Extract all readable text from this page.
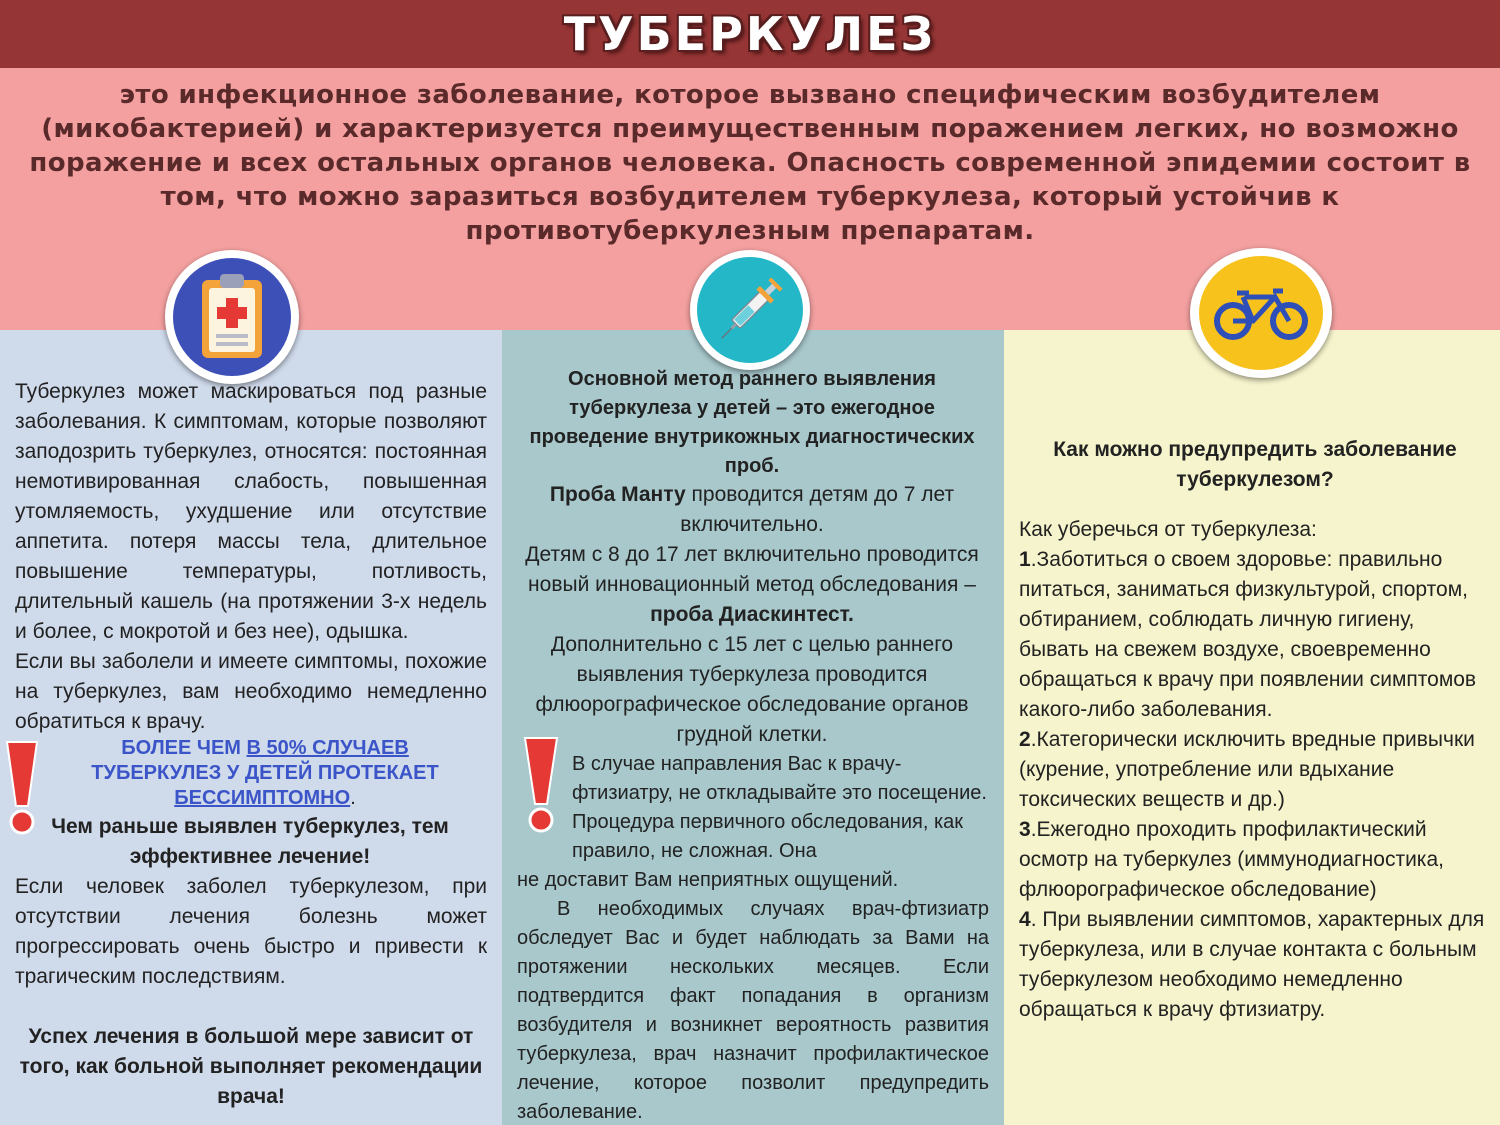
ТУБЕРКУЛЕЗ
это инфекционное заболевание, которое вызвано специфическим возбудителем (микобактерией) и характеризуется преимущественным поражением легких, но возможно поражение и всех остальных органов человека. Опасность современной эпидемии состоит в том, что можно заразиться возбудителем туберкулеза, который устойчив к противотуберкулезным препаратам.
Туберкулез может маскироваться под разные заболевания. К симптомам, которые позволяют заподозрить туберкулез, относятся: постоянная немотивированная слабость, повышенная утомляемость, ухудшение или отсутствие аппетита. потеря массы тела, длительное повышение температуры, потливость, длительный кашель (на протяжении 3-х недель и более, с мокротой и без нее), одышка.
Если вы заболели и имеете симптомы, похожие на туберкулез, вам необходимо немедленно обратиться к врачу.
БОЛЕЕ ЧЕМ В 50% СЛУЧАЕВ
ТУБЕРКУЛЕЗ У ДЕТЕЙ ПРОТЕКАЕТ
БЕССИМПТОМНО.
Чем раньше выявлен туберкулез, тем эффективнее лечение!
Если человек заболел туберкулезом, при отсутствии лечения болезнь может прогрессировать очень быстро и привести к трагическим последствиям.
Успех лечения в большой мере зависит от того, как больной выполняет рекомендации врача!
Основной метод раннего выявления туберкулеза у детей – это ежегодное проведение внутрикожных диагностических проб.
Проба Манту проводится детям до 7 лет включительно.
Детям с 8 до 17 лет включительно проводится новый инновационный метод обследования –
проба Диаскинтест.
Дополнительно с 15 лет с целью раннего выявления туберкулеза проводится флюорографическое обследование органов грудной клетки.
В случае направления Вас к врачу-фтизиатру, не откладывайте это посещение. Процедура первичного обследования, как правило, не сложная. Она
не доставит Вам неприятных ощущений.
В необходимых случаях врач-фтизиатр обследует Вас и будет наблюдать за Вами на протяжении нескольких месяцев. Если подтвердится факт попадания в организм возбудителя и возникнет вероятность развития туберкулеза, врач назначит профилактическое лечение, которое позволит предупредить заболевание.
Как можно предупредить заболевание туберкулезом?
Как уберечься от туберкулеза:
1.Заботиться о своем здоровье: правильно питаться, заниматься физкультурой, спортом, обтиранием, соблюдать личную гигиену, бывать на свежем воздухе, своевременно обращаться к врачу при появлении симптомов какого-либо заболевания.
2.Категорически исключить вредные привычки (курение, употребление или вдыхание токсических веществ и др.)
3.Ежегодно проходить профилактический осмотр на туберкулез (иммунодиагностика, флюорографическое обследование)
4. При выявлении симптомов, характерных для туберкулеза, или в случае контакта с больным туберкулезом необходимо немедленно обращаться к врачу фтизиатру.
